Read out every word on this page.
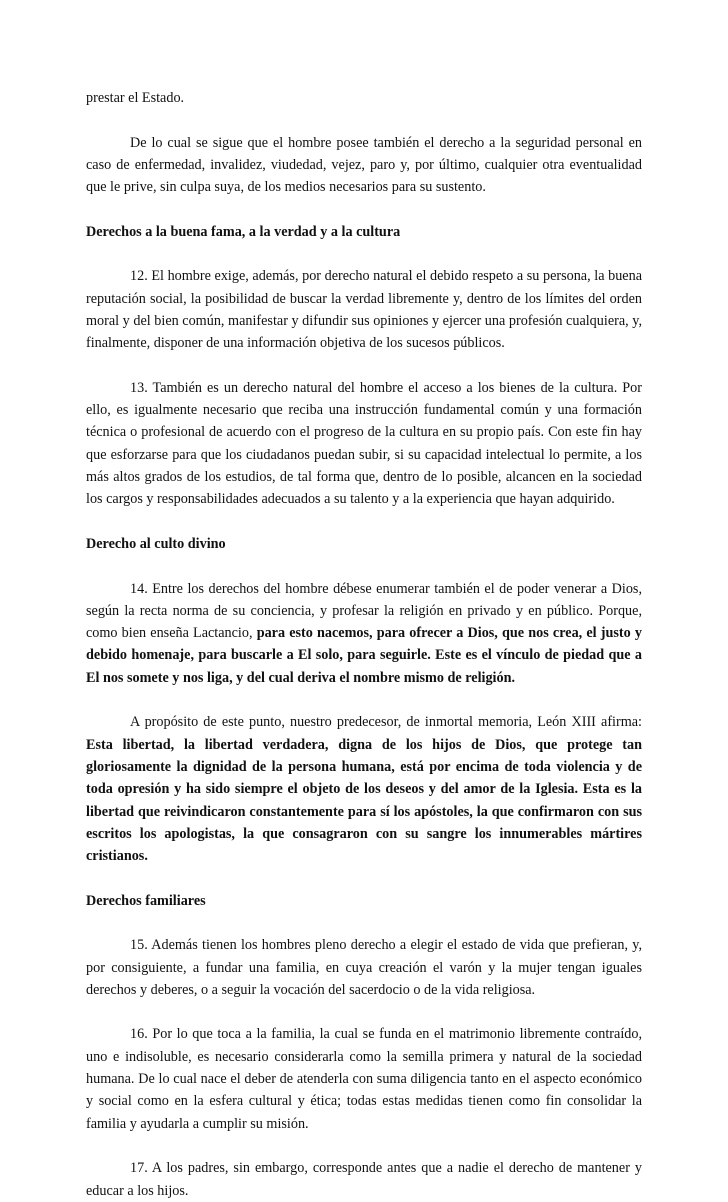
prestar el Estado.

De lo cual se sigue que el hombre posee también el derecho a la seguridad personal en caso de enfermedad, invalidez, viudedad, vejez, paro y, por último, cualquier otra eventualidad que le prive, sin culpa suya, de los medios necesarios para su sustento.

Derechos a la buena fama, a la verdad y a la cultura

12. El hombre exige, además, por derecho natural el debido respeto a su persona, la buena reputación social, la posibilidad de buscar la verdad libremente y, dentro de los límites del orden moral y del bien común, manifestar y difundir sus opiniones y ejercer una profesión cualquiera, y, finalmente, disponer de una información objetiva de los sucesos públicos.

13. También es un derecho natural del hombre el acceso a los bienes de la cultura. Por ello, es igualmente necesario que reciba una instrucción fundamental común y una formación técnica o profesional de acuerdo con el progreso de la cultura en su propio país. Con este fin hay que esforzarse para que los ciudadanos puedan subir, si su capacidad intelectual lo permite, a los más altos grados de los estudios, de tal forma que, dentro de lo posible, alcancen en la sociedad los cargos y responsabilidades adecuados a su talento y a la experiencia que hayan adquirido.

Derecho al culto divino

14. Entre los derechos del hombre débese enumerar también el de poder venerar a Dios, según la recta norma de su conciencia, y profesar la religión en privado y en público. Porque, como bien enseña Lactancio, para esto nacemos, para ofrecer a Dios, que nos crea, el justo y debido homenaje, para buscarle a El solo, para seguirle. Este es el vínculo de piedad que a El nos somete y nos liga, y del cual deriva el nombre mismo de religión.

A propósito de este punto, nuestro predecesor, de inmortal memoria, León XIII afirma: Esta libertad, la libertad verdadera, digna de los hijos de Dios, que protege tan gloriosamente la dignidad de la persona humana, está por encima de toda violencia y de toda opresión y ha sido siempre el objeto de los deseos y del amor de la Iglesia. Esta es la libertad que reivindicaron constantemente para sí los apóstoles, la que confirmaron con sus escritos los apologistas, la que consagraron con su sangre los innumerables mártires cristianos.

Derechos familiares

15. Además tienen los hombres pleno derecho a elegir el estado de vida que prefieran, y, por consiguiente, a fundar una familia, en cuya creación el varón y la mujer tengan iguales derechos y deberes, o a seguir la vocación del sacerdocio o de la vida religiosa.

16. Por lo que toca a la familia, la cual se funda en el matrimonio libremente contraído, uno e indisoluble, es necesario considerarla como la semilla primera y natural de la sociedad humana. De lo cual nace el deber de atenderla con suma diligencia tanto en el aspecto económico y social como en la esfera cultural y ética; todas estas medidas tienen como fin consolidar la familia y ayudarla a cumplir su misión.

17. A los padres, sin embargo, corresponde antes que a nadie el derecho de mantener y educar a los hijos.
